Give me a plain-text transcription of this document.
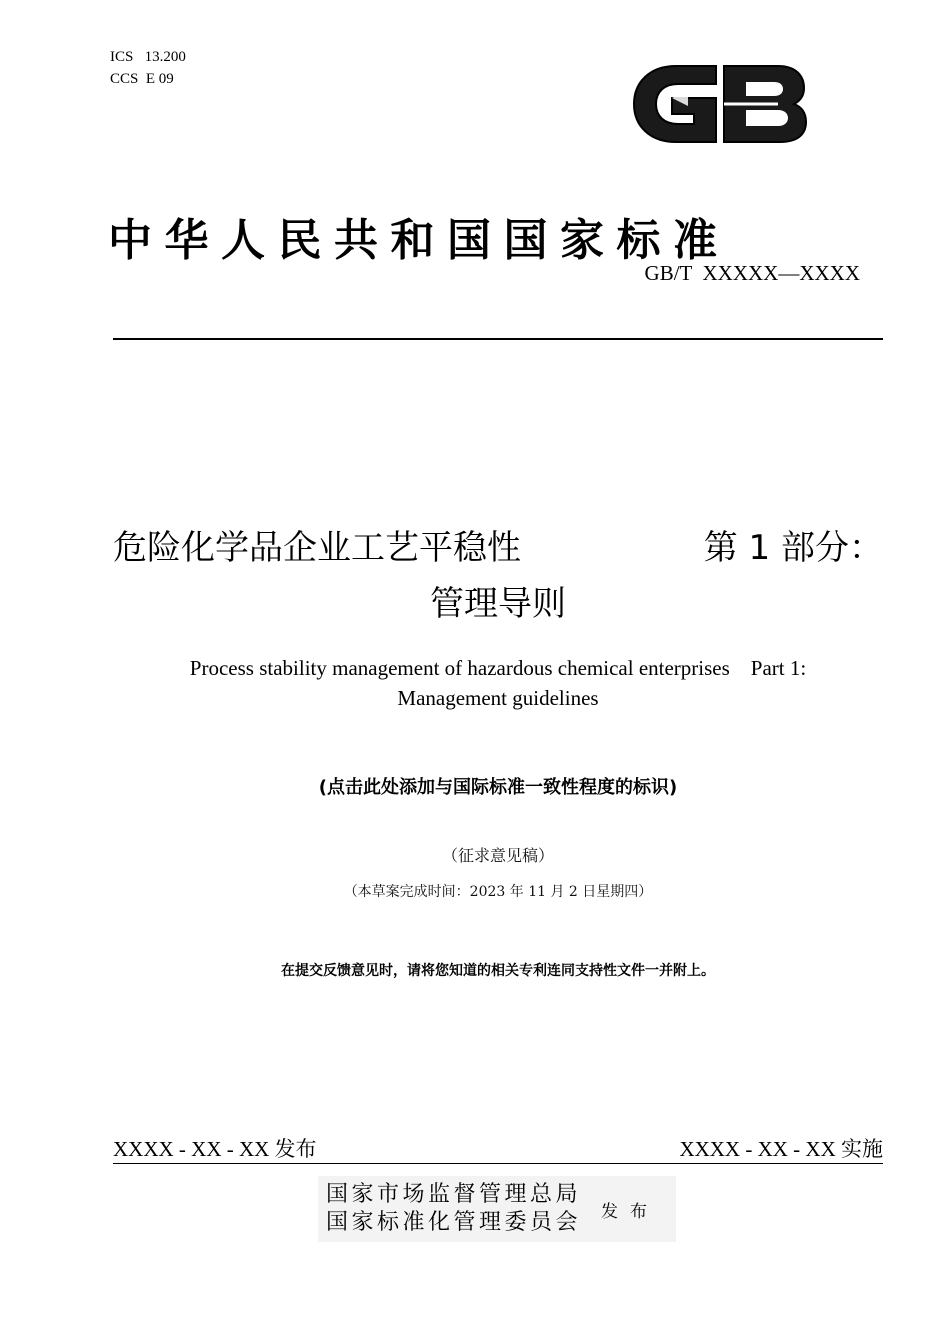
ICS 13.200
CCS E 09
中华人民共和国国家标准
GB/T  XXXXX—XXXX
危险化学品企业工艺平稳性	第 1 部分：
管理导则
Process stability management of hazardous chemical enterprises    Part 1:
Management guidelines
(点击此处添加与国际标准一致性程度的标识)
（征求意见稿）
（本草案完成时间：2023 年 11 月 2 日星期四）
在提交反馈意见时，请将您知道的相关专利连同支持性文件一并附上。
XXXX - XX - XX 发布	XXXX - XX - XX 实施
国家市场监督管理总局
国家标准化管理委员会 发布
